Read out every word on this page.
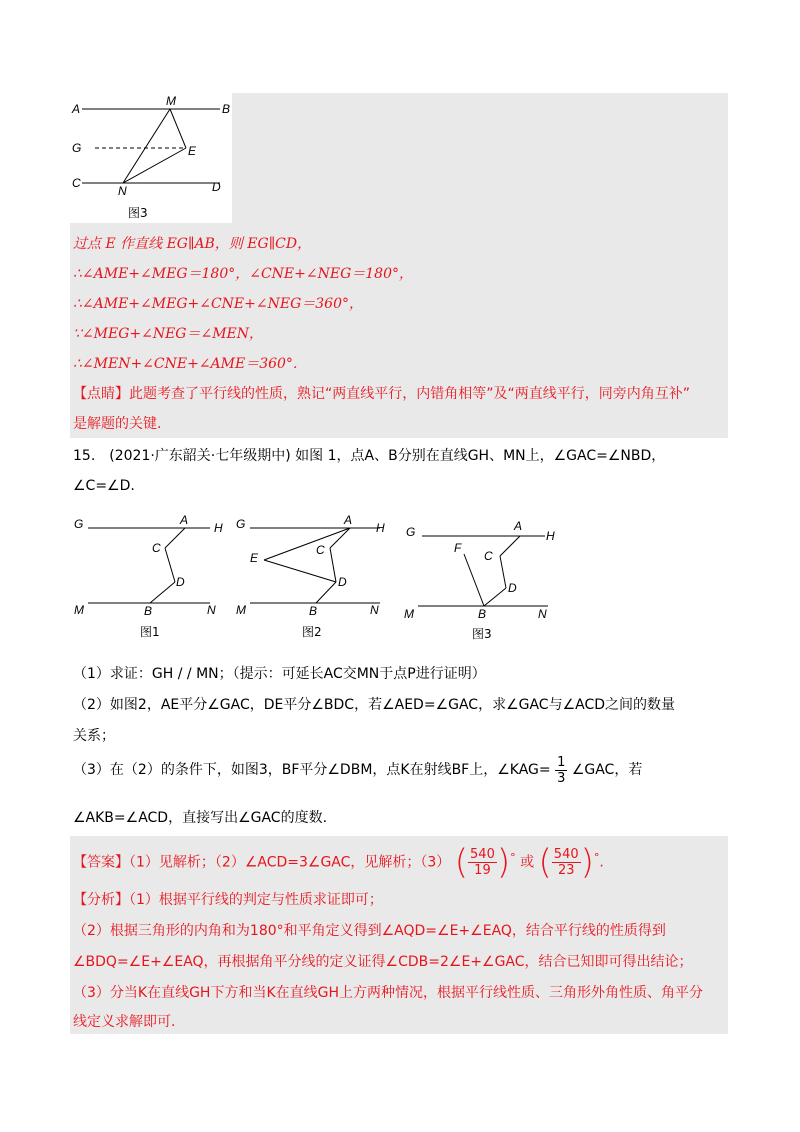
A
M
B
G	E
C
N	D
图3
过点 E 作直线 EG∥AB，则 EG∥CD，
∴∠AME+∠MEG＝180°，∠CNE+∠NEG＝180°，
∴∠AME+∠MEG+∠CNE+∠NEG＝360°，
∵∠MEG+∠NEG＝∠MEN，
∴∠MEN+∠CNE+∠AME＝360°．
【点睛】此题考查了平行线的性质，熟记“两直线平行，内错角相等”及“两直线平行，同旁内角互补”
是解题的关键.
15.　(2021·广东韶关·七年级期中) 如图 1，点A、B分别在直线GH、MN上，∠GAC=∠NBD，
∠C=∠D.
G	A
H
C
D
M	B	N
图1
G	A
H
E
C
D
M	B	N
图2
G	A
H
F
C
D
M	B	N
图3
（1）求证：GH / / MN；（提示：可延长AC交MN于点P进行证明）
（2）如图2，AE平分∠GAC，DE平分∠BDC，若∠AED=∠GAC，求∠GAC与∠ACD之间的数量
关系；
（3）在（2）的条件下，如图3，BF平分∠DBM，点K在射线BF上，∠KAG= $\frac{1}{3}$ ∠GAC，若
∠AKB=∠ACD，直接写出∠GAC的度数.
【答案】（1）见解析；（2）∠ACD=3∠GAC，见解析；（3） ( $\frac{540}{19} )^\circ$ 或 ( $\frac{540}{23} )^\circ$.
【分析】（1）根据平行线的判定与性质求证即可；
（2）根据三角形的内角和为180°和平角定义得到∠AQD=∠E+∠EAQ，结合平行线的性质得到
∠BDQ=∠E+∠EAQ，再根据角平分线的定义证得∠CDB=2∠E+∠GAC，结合已知即可得出结论；
（3）分当K在直线GH下方和当K在直线GH上方两种情况，根据平行线性质、三角形外角性质、角平分
线定义求解即可.
